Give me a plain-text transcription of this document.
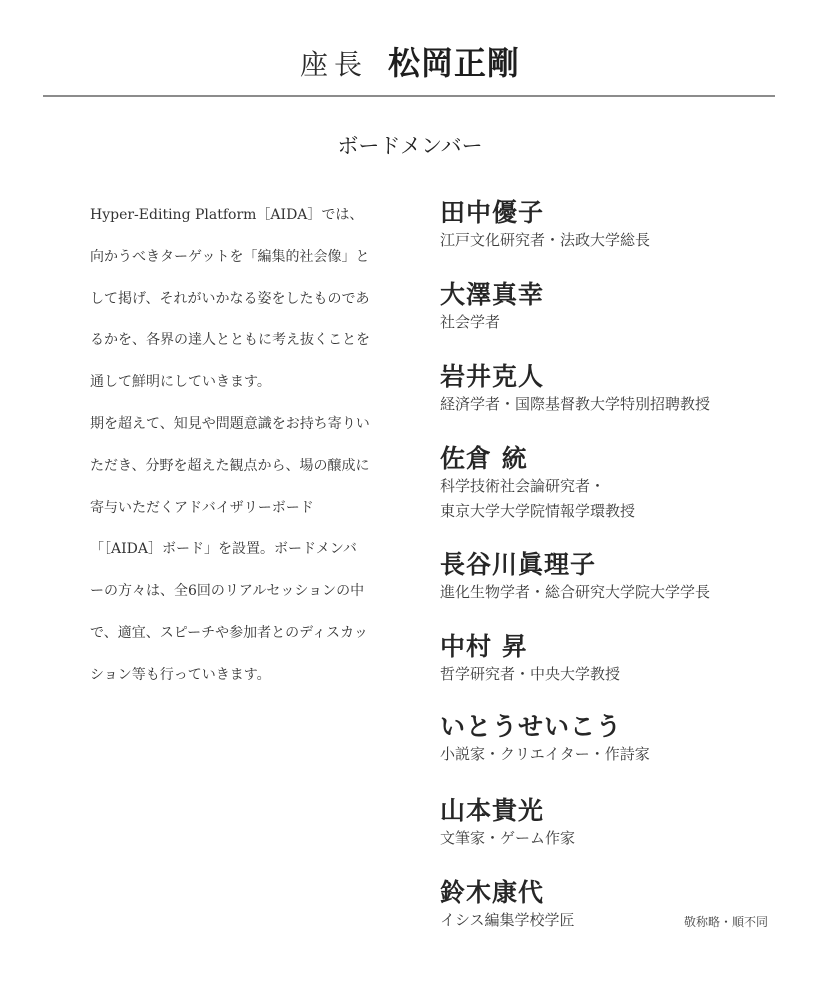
座長 松岡正剛
ボードメンバー

Hyper-Editing Platform［AIDA］では、向かうべきターゲットを「編集的社会像」として掲げ、それがいかなる姿をしたものであるかを、各界の達人とともに考え抜くことを通して鮮明にしていきます。

期を超えて、知見や問題意識をお持ち寄りいただき、分野を超えた観点から、場の醸成に寄与いただくアドバイザリーボード「［AIDA］ボード」を設置。ボードメンバーの方々は、全6回のリアルセッションの中で、適宜、スピーチや参加者とのディスカッション等も行っていきます。

田中優子
江戸文化研究者・法政大学総長
大澤真幸
社会学者
岩井克人
経済学者・国際基督教大学特別招聘教授
佐倉 統
科学技術社会論研究者・
東京大学大学院情報学環教授
長谷川眞理子
進化生物学者・総合研究大学院大学学長
中村 昇
哲学研究者・中央大学教授
いとうせいこう
小説家・クリエイター・作詩家
山本貴光
文筆家・ゲーム作家
鈴木康代
イシス編集学校学匠	敬称略・順不同
